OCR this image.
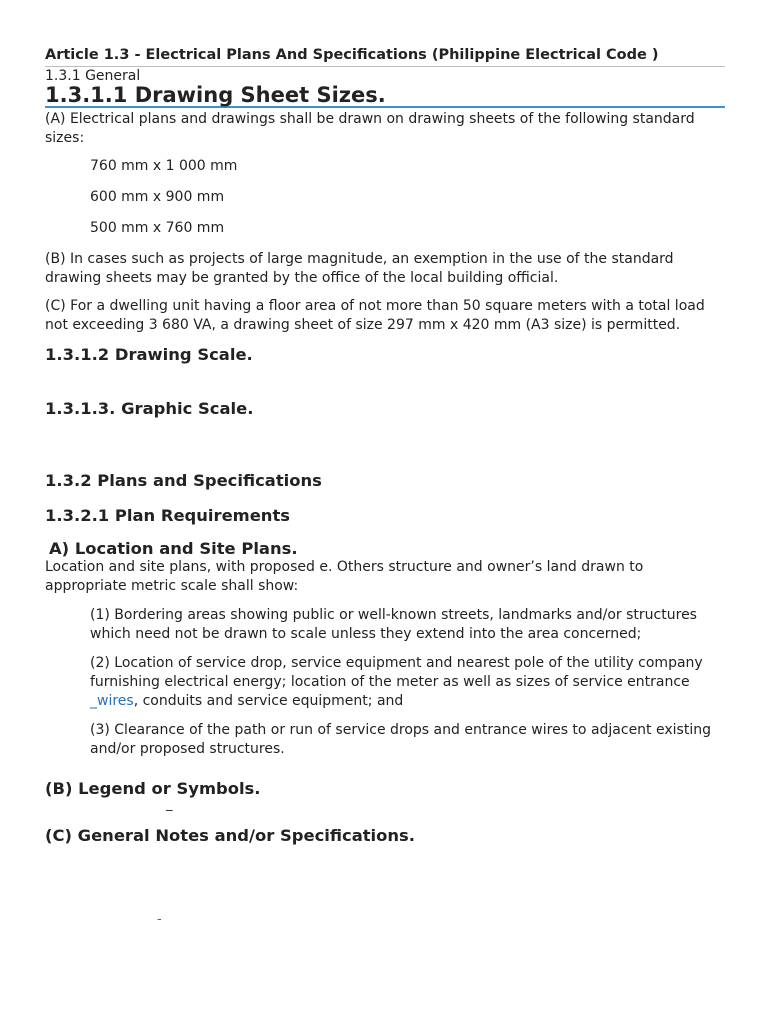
Article 1.3 - Electrical Plans And Specifications (Philippine Electrical Code )

1.3.1 General

1.3.1.1 Drawing Sheet Sizes.

(A) Electrical plans and drawings shall be drawn on drawing sheets of the following standard sizes:

760 mm x 1 000 mm

600 mm x 900 mm

500 mm x 760 mm

(B) In cases such as projects of large magnitude, an exemption in the use of the standard drawing sheets may be granted by the office of the local building official.

(C) For a dwelling unit having a floor area of not more than 50 square meters with a total load not exceeding 3 680 VA, a drawing sheet of size 297 mm x 420 mm (A3 size) is permitted.

1.3.1.2 Drawing Scale.
1.3.1.3. Graphic Scale.
1.3.2 Plans and Specifications
1.3.2.1 Plan Requirements
A) Location and Site Plans.

Location and site plans, with proposed e. Others structure and owner’s land drawn to appropriate metric scale shall show:

(1) Bordering areas showing public or well-known streets, landmarks and/or structures which need not be drawn to scale unless they extend into the area concerned;

(2) Location of service drop, service equipment and nearest pole of the utility company furnishing electrical energy; location of the meter as well as sizes of service entrance _wires, conduits and service equipment; and

(3) Clearance of the path or run of service drops and entrance wires to adjacent existing and/or proposed structures.

(B) Legend or Symbols.
_
(C) General Notes and/or Specifications.
-
